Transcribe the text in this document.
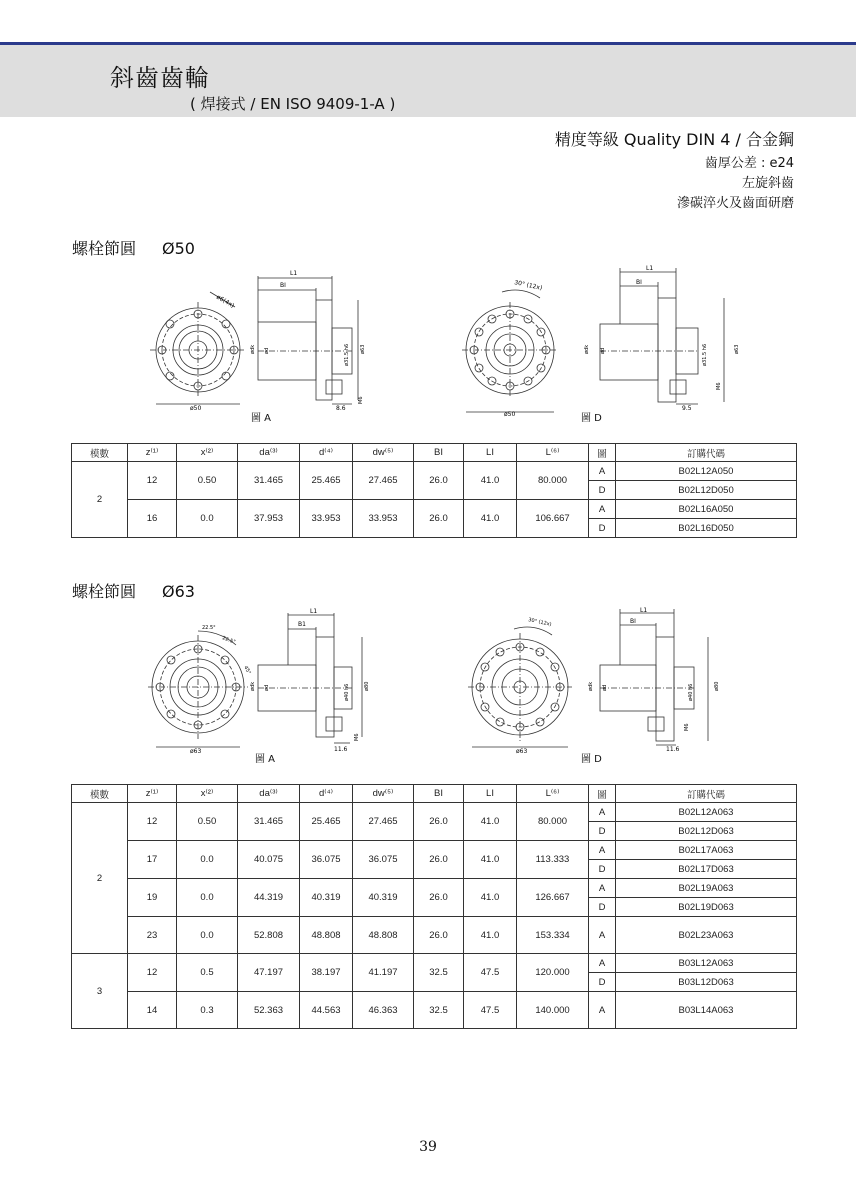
斜齒齒輪
( 焊接式 / EN ISO 9409-1-A )
精度等級 Quality DIN 4 / 合金鋼
齒厚公差 : e24
左旋斜齒
滲碳淬火及齒面研磨
螺栓節圓 Ø50
ø6(4x)
ø50
L1
BI
ødk ød	ø31.5 h6 ø63
8.6
M6
圖 A
30° (12x)
ø50
L1
BI
ødk ød	ø31.5 h6	ø63
9.5
M6
圖 D
模數	z⁽¹⁾	x⁽²⁾	da⁽³⁾	d⁽⁴⁾	dw⁽⁵⁾	BI	LI	L⁽⁶⁾	圖	訂購代碼
2	12	0.50	31.465	25.465	27.465	26.0	41.0	80.000	A	B02L12A050
									D	B02L12D050
	16	0.0	37.953	33.953	33.953	26.0	41.0	106.667	A	B02L16A050
									D	B02L16D050
螺栓節圓 Ø63
22.5°
22.5°
45°
ø63
L1
B1
ødk ød	ø40 h6	ø80
11.6
M6
圖 A
30° (12x)
ø63
L1
BI
ødk ød	ø40 h6	ø80
11.6
M6
圖 D
模數	z⁽¹⁾	x⁽²⁾	da⁽³⁾	d⁽⁴⁾	dw⁽⁵⁾	BI	LI	L⁽⁶⁾	圖	訂購代碼
2	12	0.50	31.465	25.465	27.465	26.0	41.0	80.000	A	B02L12A063
									D	B02L12D063
	17	0.0	40.075	36.075	36.075	26.0	41.0	113.333	A	B02L17A063
									D	B02L17D063
	19	0.0	44.319	40.319	40.319	26.0	41.0	126.667	A	B02L19A063
									D	B02L19D063
	23	0.0	52.808	48.808	48.808	26.0	41.0	153.334	A	B02L23A063
3	12	0.5	47.197	38.197	41.197	32.5	47.5	120.000	A	B03L12A063
									D	B03L12D063
	14	0.3	52.363	44.563	46.363	32.5	47.5	140.000	A	B03L14A063
39
